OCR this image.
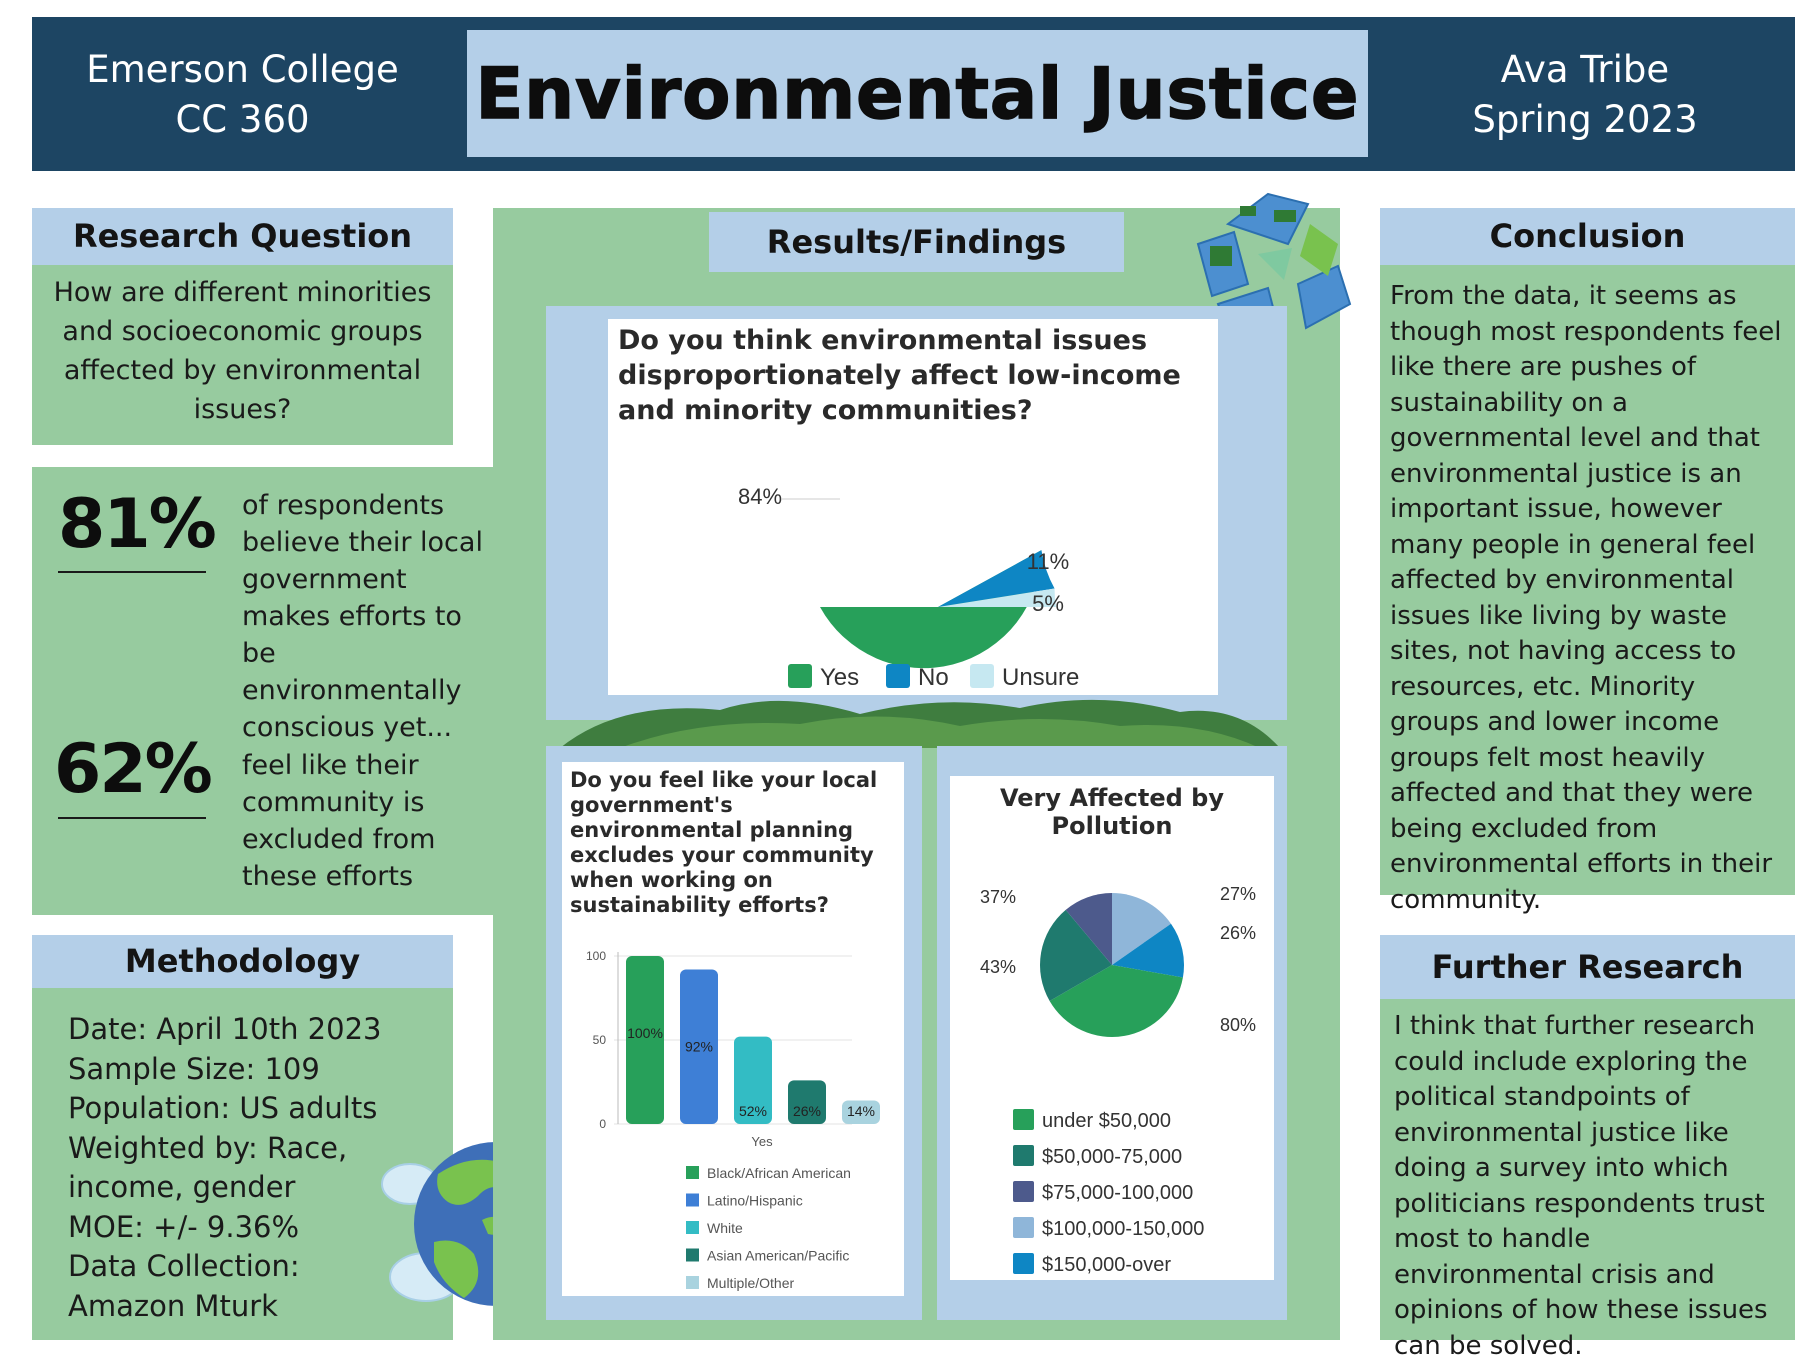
Emerson College
CC 360	Environmental Justice	Ava Tribe
Spring 2023
Research Question
How are different minorities and socioeconomic groups affected by environmental issues?
81% of respondents believe their local government makes efforts to be environmentally conscious yet...
62%	feel like their community is excluded from these efforts
Methodology
Date: April 10th 2023
Sample Size: 109
Population: US adults
Weighted by: Race,
income, gender
MOE: +/- 9.36%
Data Collection:
Amazon Mturk
Results/Findings
Do you think environmental issues disproportionately affect low-income and minority communities?
84%
11%
5%
Yes No Unsure
Do you feel like your local government's environmental planning excludes your community when working on sustainability efforts?
0
50
100
100%
92%
52% 26% 14%
Yes
Black/African American
Latino/Hispanic
White
Asian American/Pacific
Multiple/Other
Very Affected by Pollution
80%
43%
37%	27%
26%
under $50,000
$50,000-75,000
$75,000-100,000
$100,000-150,000
$150,000-over
Conclusion
From the data, it seems as though most respondents feel like there are pushes of sustainability on a governmental level and that environmental justice is an important issue, however many people in general feel affected by environmental issues like living by waste sites, not having access to resources, etc. Minority groups and lower income groups felt most heavily affected and that they were being excluded from environmental efforts in their community.
Further Research
I think that further research could include exploring the political standpoints of environmental justice like doing a survey into which politicians respondents trust most to handle environmental crisis and opinions of how these issues can be solved.
